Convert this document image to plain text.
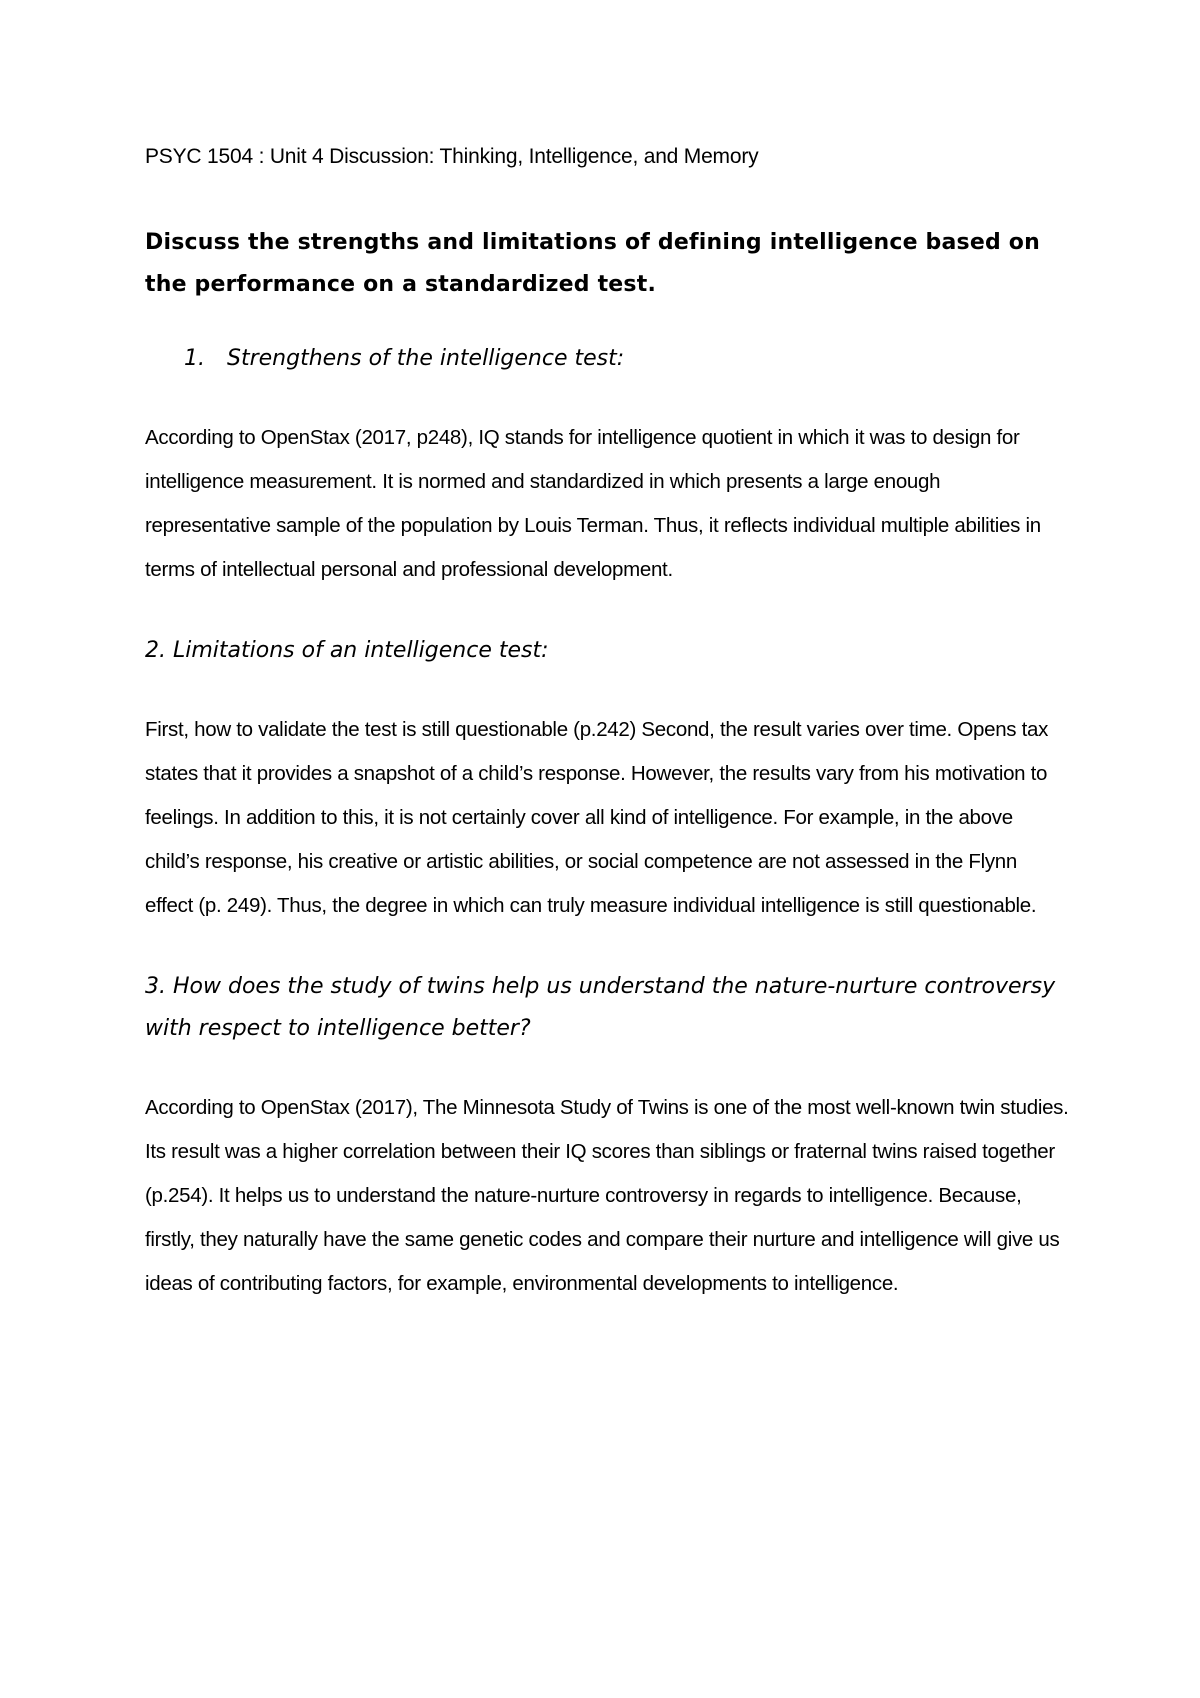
PSYC 1504 : Unit 4 Discussion: Thinking, Intelligence, and Memory

Discuss the strengths and limitations of defining intelligence based on the performance on a standardized test.

1. Strengthens of the intelligence test:

According to OpenStax (2017, p248), IQ stands for intelligence quotient in which it was to design for intelligence measurement. It is normed and standardized in which presents a large enough representative sample of the population by Louis Terman. Thus, it reflects individual multiple abilities in terms of intellectual personal and professional development.

2. Limitations of an intelligence test:

First, how to validate the test is still questionable (p.242) Second, the result varies over time. Opens tax states that it provides a snapshot of a child’s response. However, the results vary from his motivation to feelings. In addition to this, it is not certainly cover all kind of intelligence. For example, in the above child’s response, his creative or artistic abilities, or social competence are not assessed in the Flynn effect (p. 249). Thus, the degree in which can truly measure individual intelligence is still questionable.

3. How does the study of twins help us understand the nature-nurture controversy with respect to intelligence better?

According to OpenStax (2017), The Minnesota Study of Twins is one of the most well-known twin studies. Its result was a higher correlation between their IQ scores than siblings or fraternal twins raised together (p.254). It helps us to understand the nature-nurture controversy in regards to intelligence. Because, firstly, they naturally have the same genetic codes and compare their nurture and intelligence will give us ideas of contributing factors, for example, environmental developments to intelligence.
